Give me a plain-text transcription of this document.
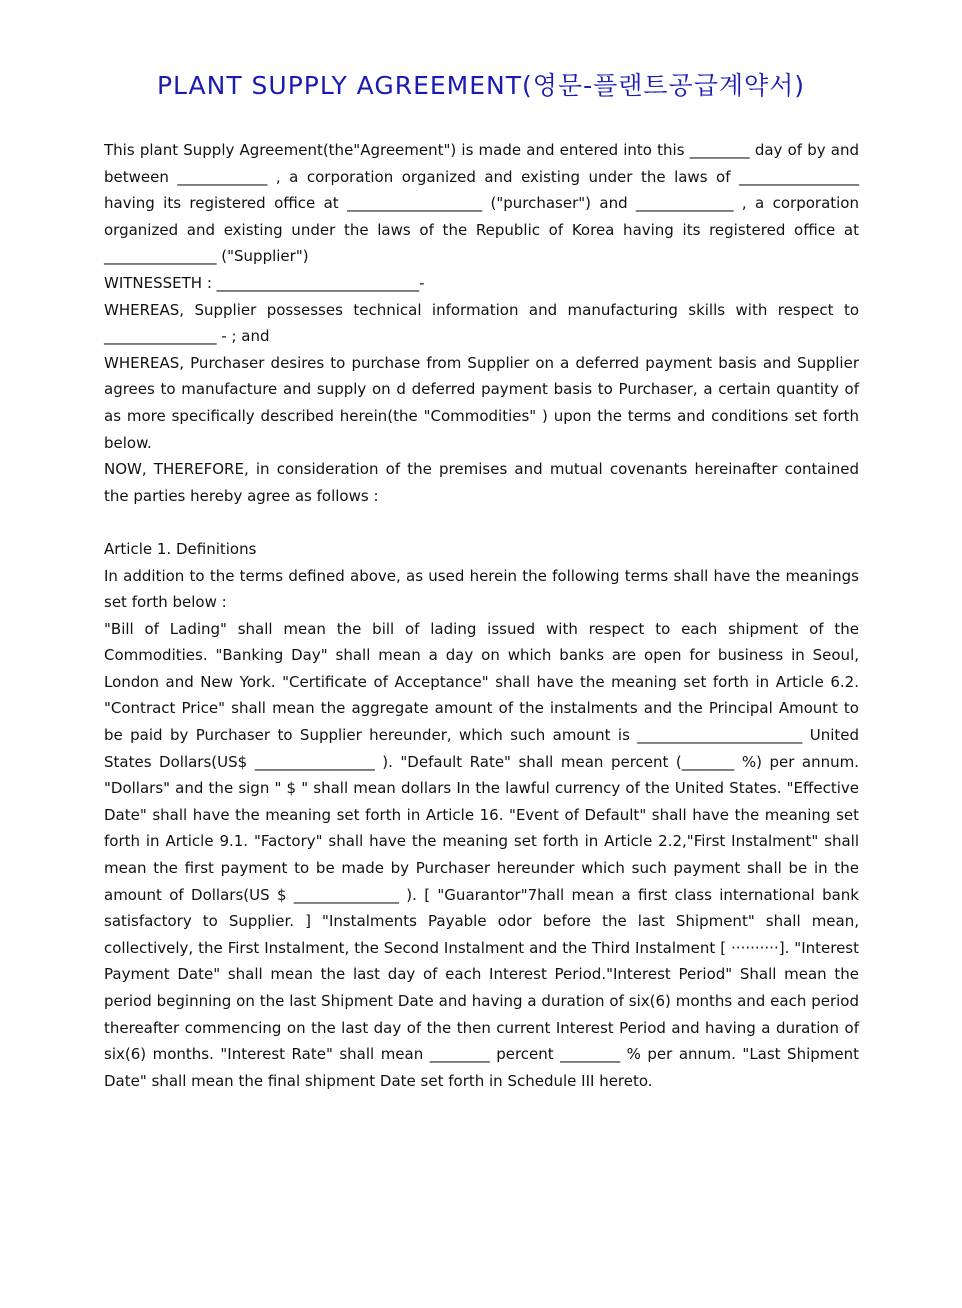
PLANT SUPPLY AGREEMENT(영문-플랜트공급계약서)

This plant Supply Agreement(the"Agreement") is made and entered into this ________ day of by and between ____________ , a corporation organized and existing under the laws of ________________ having its registered office at __________________ ("purchaser") and _____________ , a corporation organized and existing under the laws of the Republic of Korea having its registered office at _______________ ("Supplier")

WITNESSETH : ___________________________-

WHEREAS, Supplier possesses technical information and manufacturing skills with respect to _______________ - ; and

WHEREAS, Purchaser desires to purchase from Supplier on a deferred payment basis and Supplier agrees to manufacture and supply on d deferred payment basis to Purchaser, a certain quantity of as more specifically described herein(the "Commodities" ) upon the terms and conditions set forth below.

NOW, THEREFORE, in consideration of the premises and mutual covenants hereinafter contained the parties hereby agree as follows :

Article 1. Definitions

In addition to the terms defined above, as used herein the following terms shall have the meanings set forth below :

"Bill of Lading" shall mean the bill of lading issued with respect to each shipment of the Commodities. "Banking Day" shall mean a day on which banks are open for business in Seoul, London and New York. "Certificate of Acceptance" shall have the meaning set forth in Article 6.2. "Contract Price" shall mean the aggregate amount of the instalments and the Principal Amount to be paid by Purchaser to Supplier hereunder, which such amount is ______________________ United States Dollars(US$ ________________ ). "Default Rate" shall mean percent (_______ %) per annum. "Dollars" and the sign " $ " shall mean dollars In the lawful currency of the United States. "Effective Date" shall have the meaning set forth in Article 16. "Event of Default" shall have the meaning set forth in Article 9.1. "Factory" shall have the meaning set forth in Article 2.2,"First Instalment" shall mean the first payment to be made by Purchaser hereunder which such payment shall be in the amount of Dollars(US $ ______________ ). [ "Guarantor"7hall mean a first class international bank satisfactory to Supplier. ] "Instalments Payable odor before the last Shipment" shall mean, collectively, the First Instalment, the Second Instalment and the Third Instalment [ ··········]. "Interest Payment Date" shall mean the last day of each Interest Period."Interest Period" Shall mean the period beginning on the last Shipment Date and having a duration of six(6) months and each period thereafter commencing on the last day of the then current Interest Period and having a duration of six(6) months. "Interest Rate" shall mean ________ percent ________ % per annum. "Last Shipment Date" shall mean the final shipment Date set forth in Schedule III hereto.
